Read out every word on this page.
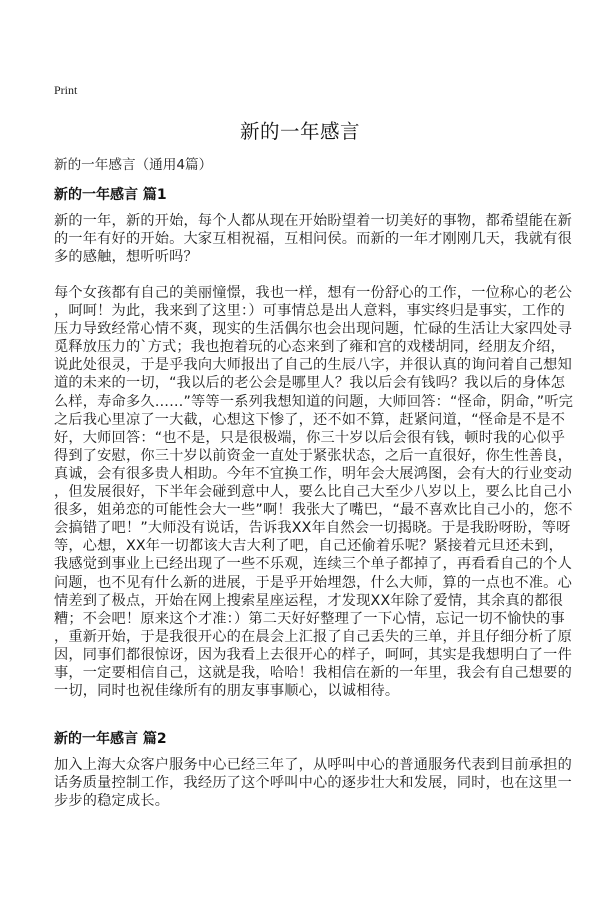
Print
新的一年感言

新的一年感言（通用4篇）

新的一年感言 篇1
新的一年，新的开始，每个人都从现在开始盼望着一切美好的事物，都希望能在新
的一年有好的开始。大家互相祝福，互相问侯。而新的一年才刚刚几天，我就有很
多的感触，想听听吗？
每个女孩都有自己的美丽憧憬，我也一样，想有一份舒心的工作，一位称心的老公
，呵呵！为此，我来到了这里：）可事情总是出人意料，事实终归是事实，工作的
压力导致经常心情不爽，现实的生活偶尔也会出现问题，忙碌的生活让大家四处寻
觅释放压力的`方式；我也抱着玩的心态来到了雍和宫的戏楼胡同，经朋友介绍，
说此处很灵，于是乎我向大师报出了自己的生辰八字，并很认真的询问着自己想知
道的未来的一切，“我以后的老公会是哪里人？我以后会有钱吗？我以后的身体怎
么样，寿命多久……”等等一系列我想知道的问题，大师回答：“怪命，阴命，”听完
之后我心里凉了一大截，心想这下惨了，还不如不算，赶紧问道，“怪命是不是不
好，大师回答：“也不是，只是很极端，你三十岁以后会很有钱，顿时我的心似乎
得到了安慰，你三十岁以前资金一直处于紧张状态，之后一直很好，你生性善良，
真诚，会有很多贵人相助。今年不宜换工作，明年会大展鸿图，会有大的行业变动
，但发展很好，下半年会碰到意中人，要么比自己大至少八岁以上，要么比自己小
很多，姐弟恋的可能性会大一些”啊！我张大了嘴巴，“最不喜欢比自己小的，您不
会搞错了吧！”大师没有说话，告诉我XX年自然会一切揭晓。于是我盼呀盼，等呀
等，心想，XX年一切都该大吉大利了吧，自己还偷着乐呢？紧接着元旦还未到，
我感觉到事业上已经出现了一些不乐观，连续三个单子都掉了，再看看自己的个人
问题，也不见有什么新的进展，于是乎开始埋怨，什么大师，算的一点也不准。心
情差到了极点，开始在网上搜索星座运程，才发现XX年除了爱情，其余真的都很
糟；不会吧！原来这个才准：）第二天好好整理了一下心情，忘记一切不愉快的事
，重新开始，于是我很开心的在晨会上汇报了自己丢失的三单，并且仔细分析了原
因，同事们都很惊讶，因为我看上去很开心的样子，呵呵，其实是我想明白了一件
事，一定要相信自己，这就是我，哈哈！我相信在新的一年里，我会有自己想要的
一切，同时也祝佳缘所有的朋友事事顺心，以诚相待。
新的一年感言 篇2
加入上海大众客户服务中心已经三年了，从呼叫中心的普通服务代表到目前承担的
话务质量控制工作，我经历了这个呼叫中心的逐步壮大和发展，同时，也在这里一
步步的稳定成长。
